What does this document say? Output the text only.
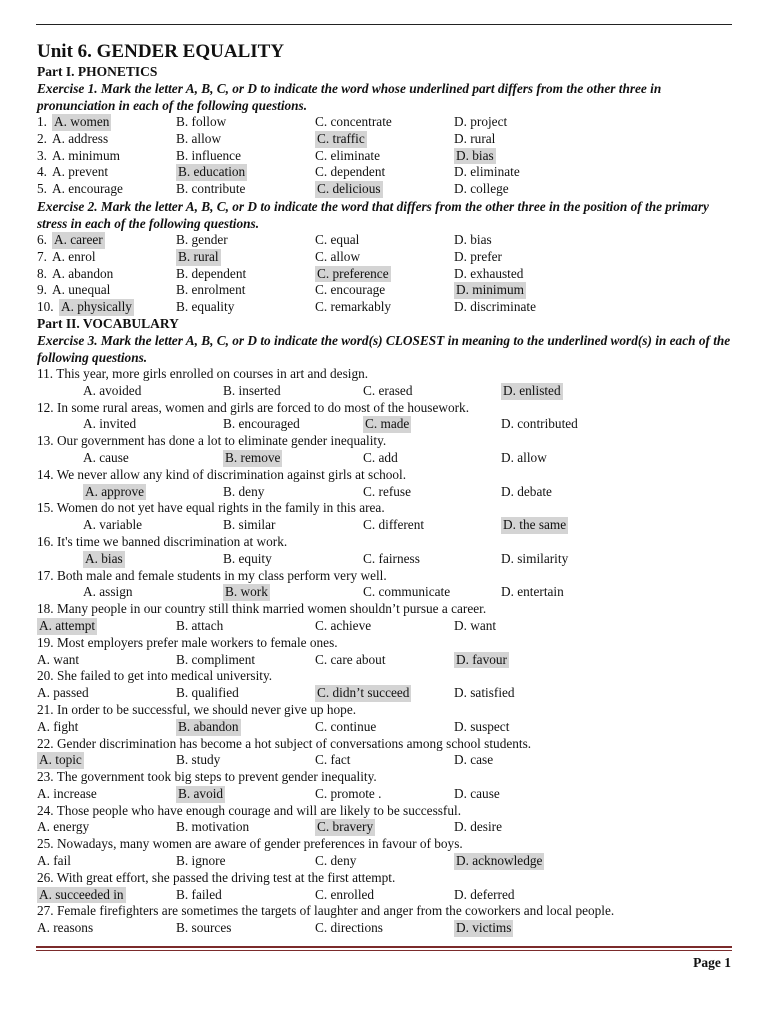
Unit 6. GENDER EQUALITY
Part I. PHONETICS
Exercise 1. Mark the letter A, B, C, or D to indicate the word whose underlined part differs from the other three in pronunciation in each of the following questions.
1. A. women	B. follow	C. concentrate	D. project
2. A. address	B. allow	C. traffic	D. rural
3. A. minimum	B. influence	C. eliminate	D. bias
4. A. prevent	B. education	C. dependent	D. eliminate
5. A. encourage	B. contribute	C. delicious	D. college
Exercise 2. Mark the letter A, B, C, or D to indicate the word that differs from the other three in the position of the primary stress in each of the following questions.
6. A. career	B. gender	C. equal	D. bias
7. A. enrol	B. rural	C. allow	D. prefer
8. A. abandon	B. dependent	C. preference	D. exhausted
9. A. unequal	B. enrolment	C. encourage	D. minimum
10. A. physically	B. equality	C. remarkably	D. discriminate
Part II. VOCABULARY
Exercise 3. Mark the letter A, B, C, or D to indicate the word(s) CLOSEST in meaning to the underlined word(s) in each of the following questions.
11. This year, more girls enrolled on courses in art and design.
A. avoided	B. inserted	C. erased	D. enlisted
12. In some rural areas, women and girls are forced to do most of the housework.
A. invited	B. encouraged	C. made	D. contributed
13. Our government has done a lot to eliminate gender inequality.
A. cause	B. remove	C. add	D. allow
14. We never allow any kind of discrimination against girls at school.
A. approve	B. deny	C. refuse	D. debate
15. Women do not yet have equal rights in the family in this area.
A. variable	B. similar	C. different	D. the same
16. It's time we banned discrimination at work.
A. bias	B. equity	C. fairness	D. similarity
17. Both male and female students in my class perform very well.
A. assign	B. work	C. communicate	D. entertain
18. Many people in our country still think married women shouldn’t pursue a career.
A. attempt	B. attach	C. achieve	D. want
19. Most employers prefer male workers to female ones.
A. want	B. compliment	C. care about	D. favour
20. She failed to get into medical university.
A. passed	B. qualified	C. didn’t succeed	D. satisfied
21. In order to be successful, we should never give up hope.
A. fight	B. abandon	C. continue	D. suspect
22. Gender discrimination has become a hot subject of conversations among school students.
A. topic	B. study	C. fact	D. case
23. The government took big steps to prevent gender inequality.
A. increase	B. avoid	C. promote .	D. cause
24. Those people who have enough courage and will are likely to be successful.
A. energy	B. motivation	C. bravery	D. desire
25. Nowadays, many women are aware of gender preferences in favour of boys.
A. fail	B. ignore	C. deny	D. acknowledge
26. With great effort, she passed the driving test at the first attempt.
A. succeeded in	B. failed	C. enrolled	D. deferred
27. Female firefighters are sometimes the targets of laughter and anger from the coworkers and local people.
A. reasons	B. sources	C. directions	D. victims
Page 1
